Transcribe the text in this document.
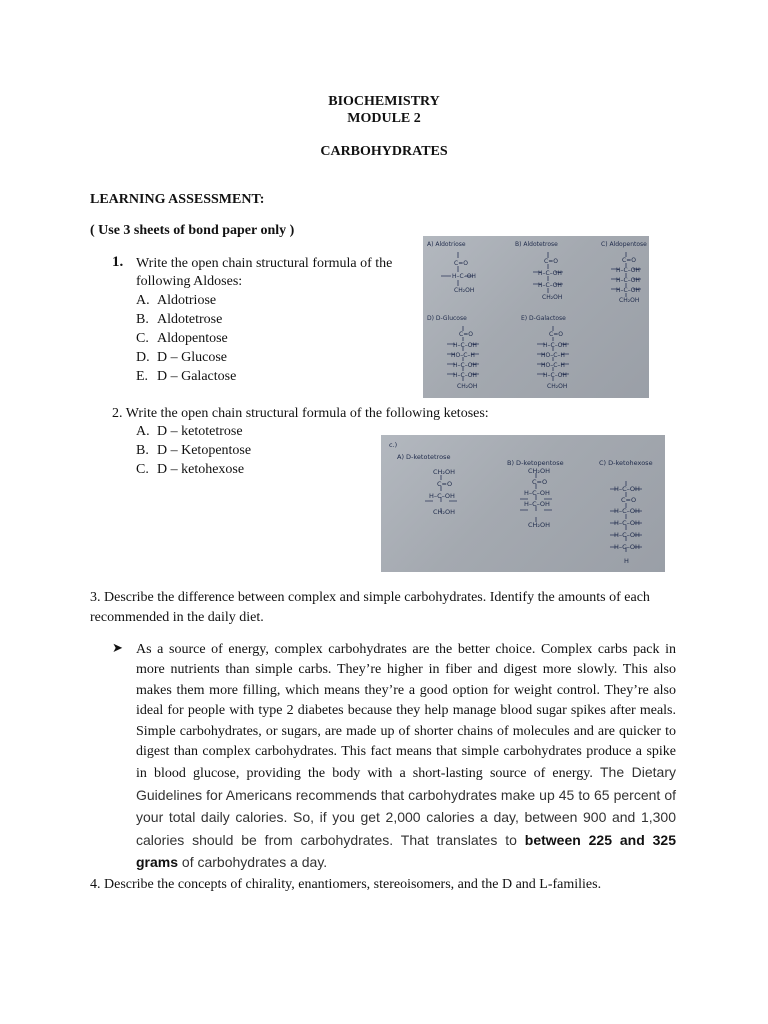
BIOCHEMISTRY
MODULE 2
CARBOHYDRATES
LEARNING ASSESSMENT:
( Use 3 sheets of bond paper only )
1. Write the open chain structural formula of the
following Aldoses:
A. Aldotriose
B. Aldotetrose
C. Aldopentose
D. D – Glucose
E. D – Galactose
A) Aldotriose	B) Aldotetrose	C) Aldopentose
D) D-Glucose	E) D-Galactose
C=O
H–C–OH
CH₂OH
C=O
H–C–OH
H–C–OH
CH₂OH
C=O
H–C–OH
H–C–OH
H–C–OH
CH₂OH
C=O
H–C–OH
HO–C–H
H–C–OH
H–C–OH
CH₂OH
C=O
H–C–OH
HO–C–H
HO–C–H
H–C–OH
CH₂OH
2. Write the open chain structural formula of the following ketoses:
A. D – ketotetrose
B. D – Ketopentose
C. D – ketohexose
c.)
A) D-ketotetrose
B) D-ketopentose	C) D-ketohexose
CH₂OH
C=O
H–C–OH
CH₂OH
CH₂OH
C=O
H–C–OH
H–C–OH
CH₂OH
H–C–OH
C=O
H–C–OH
H–C–OH
H–C–OH
H–C–OH
H
3. Describe the difference between complex and simple carbohydrates. Identify the amounts of each recommended in the daily diet.
➤ As a source of energy, complex carbohydrates are the better choice. Complex carbs pack in more nutrients than simple carbs. They’re higher in fiber and digest more slowly. This also makes them more filling, which means they’re a good option for weight control. They’re also ideal for people with type 2 diabetes because they help manage blood sugar spikes after meals. Simple carbohydrates, or sugars, are made up of shorter chains of molecules and are quicker to digest than complex carbohydrates. This fact means that simple carbohydrates produce a spike in blood glucose, providing the body with a short-lasting source of energy. The Dietary Guidelines for Americans recommends that carbohydrates make up 45 to 65 percent of your total daily calories. So, if you get 2,000 calories a day, between 900 and 1,300 calories should be from carbohydrates. That translates to between 225 and 325 grams of carbohydrates a day.
4. Describe the concepts of chirality, enantiomers, stereoisomers, and the D and L-families.
